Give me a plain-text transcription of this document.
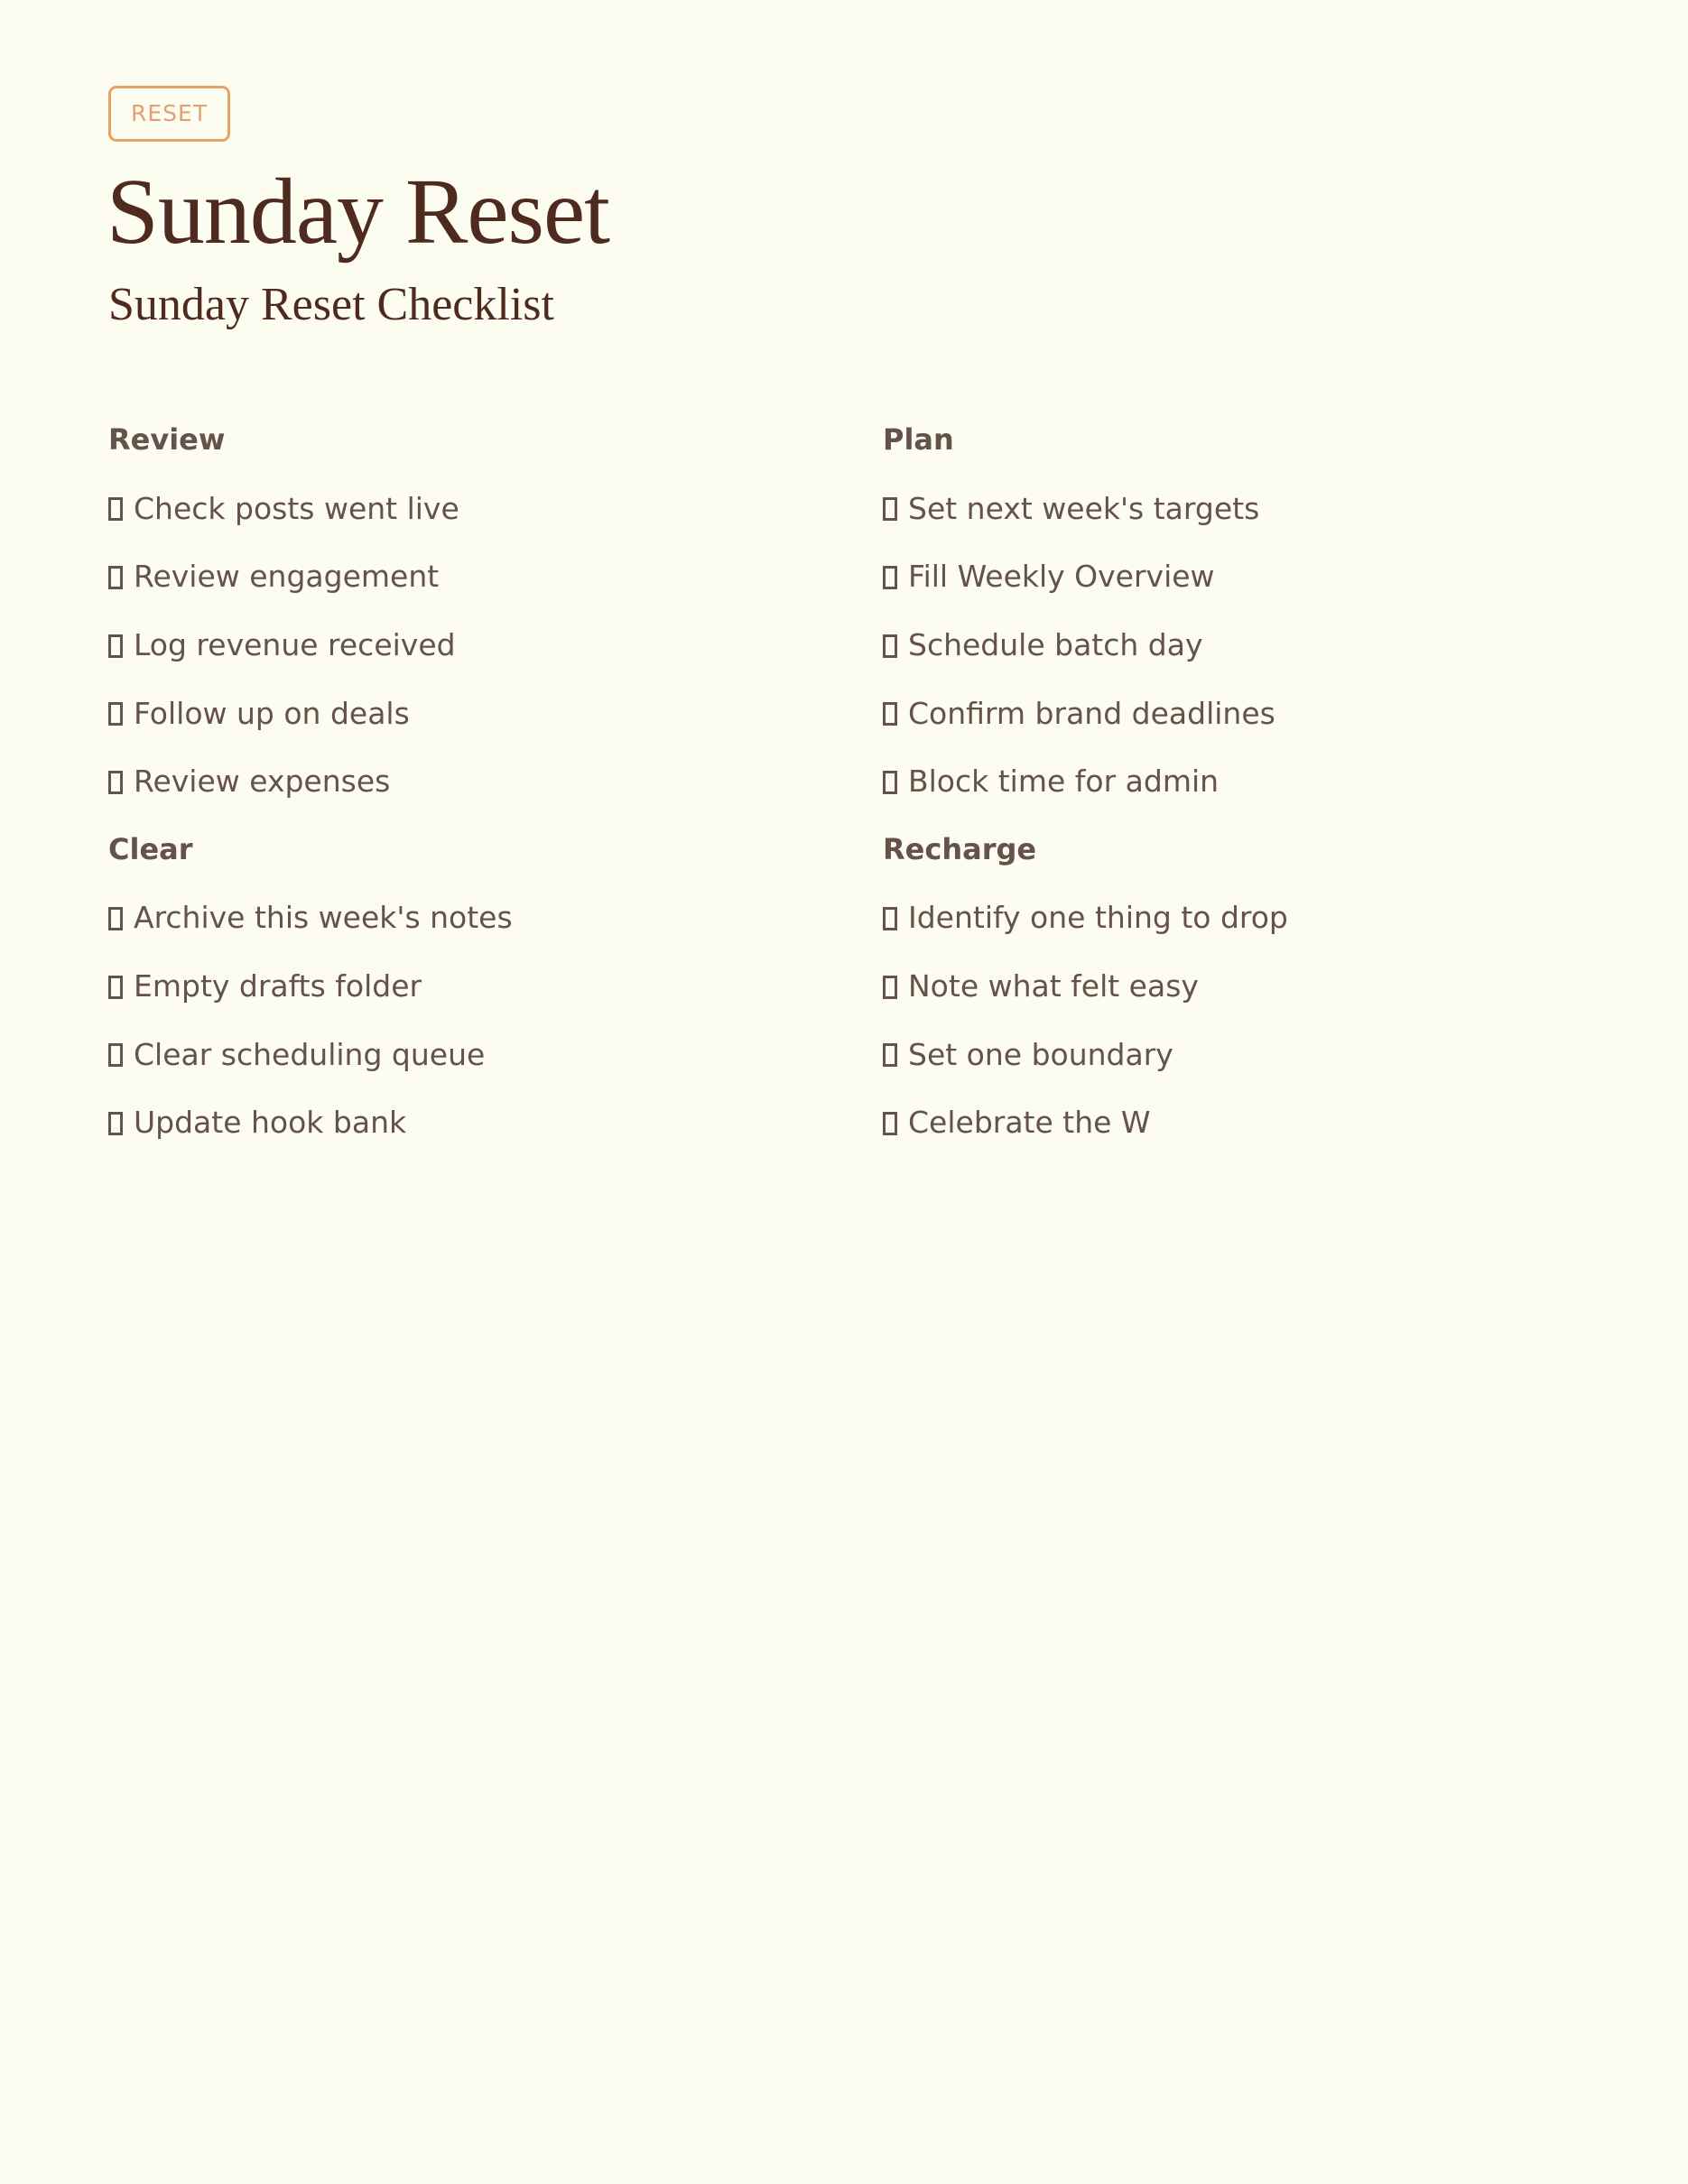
RESET
Sunday Reset
Sunday Reset Checklist
Review
Check posts went live
Review engagement
Log revenue received
Follow up on deals
Review expenses
Clear
Archive this week's notes
Empty drafts folder
Clear scheduling queue
Update hook bank
Plan
Set next week's targets
Fill Weekly Overview
Schedule batch day
Confirm brand deadlines
Block time for admin
Recharge
Identify one thing to drop
Note what felt easy
Set one boundary
Celebrate the W
